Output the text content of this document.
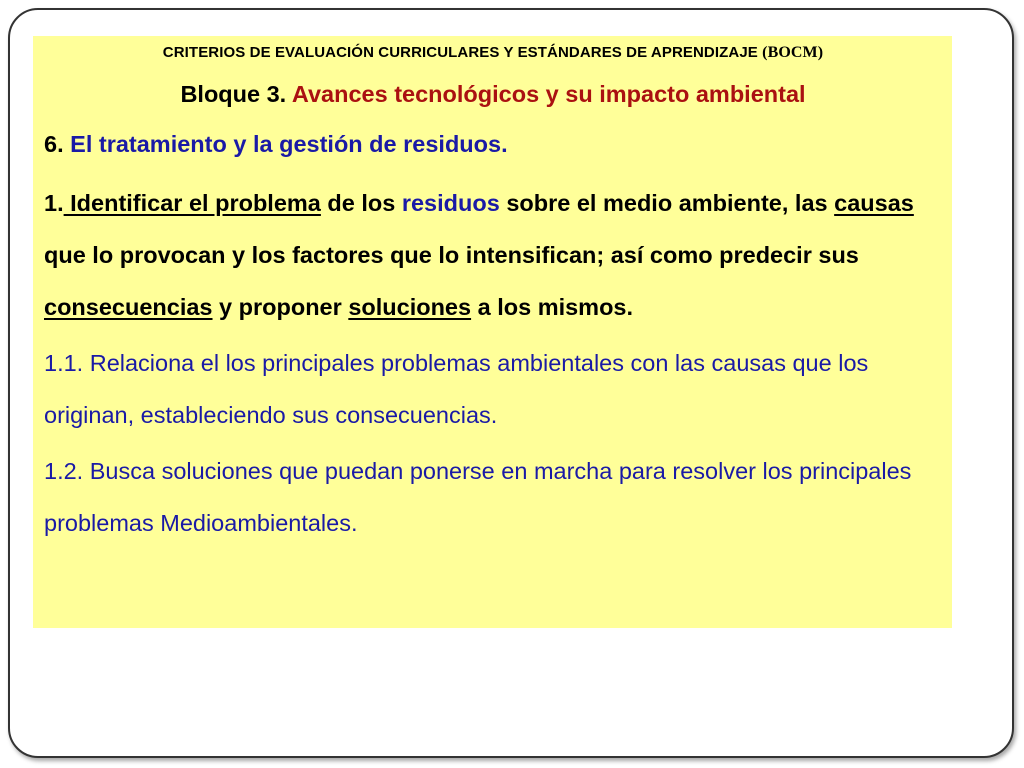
CRITERIOS DE EVALUACIÓN CURRICULARES Y ESTÁNDARES DE APRENDIZAJE (BOCM)
Bloque 3. Avances tecnológicos y su impacto ambiental
6. El tratamiento y la gestión de residuos.
1. Identificar el problema de los residuos sobre el medio ambiente, las causas que lo provocan y los factores que lo intensifican; así como predecir sus consecuencias y proponer soluciones a los mismos.
1.1. Relaciona el los principales problemas ambientales con las causas que los originan, estableciendo sus consecuencias.
1.2. Busca soluciones que puedan ponerse en marcha para resolver los principales problemas Medioambientales.
